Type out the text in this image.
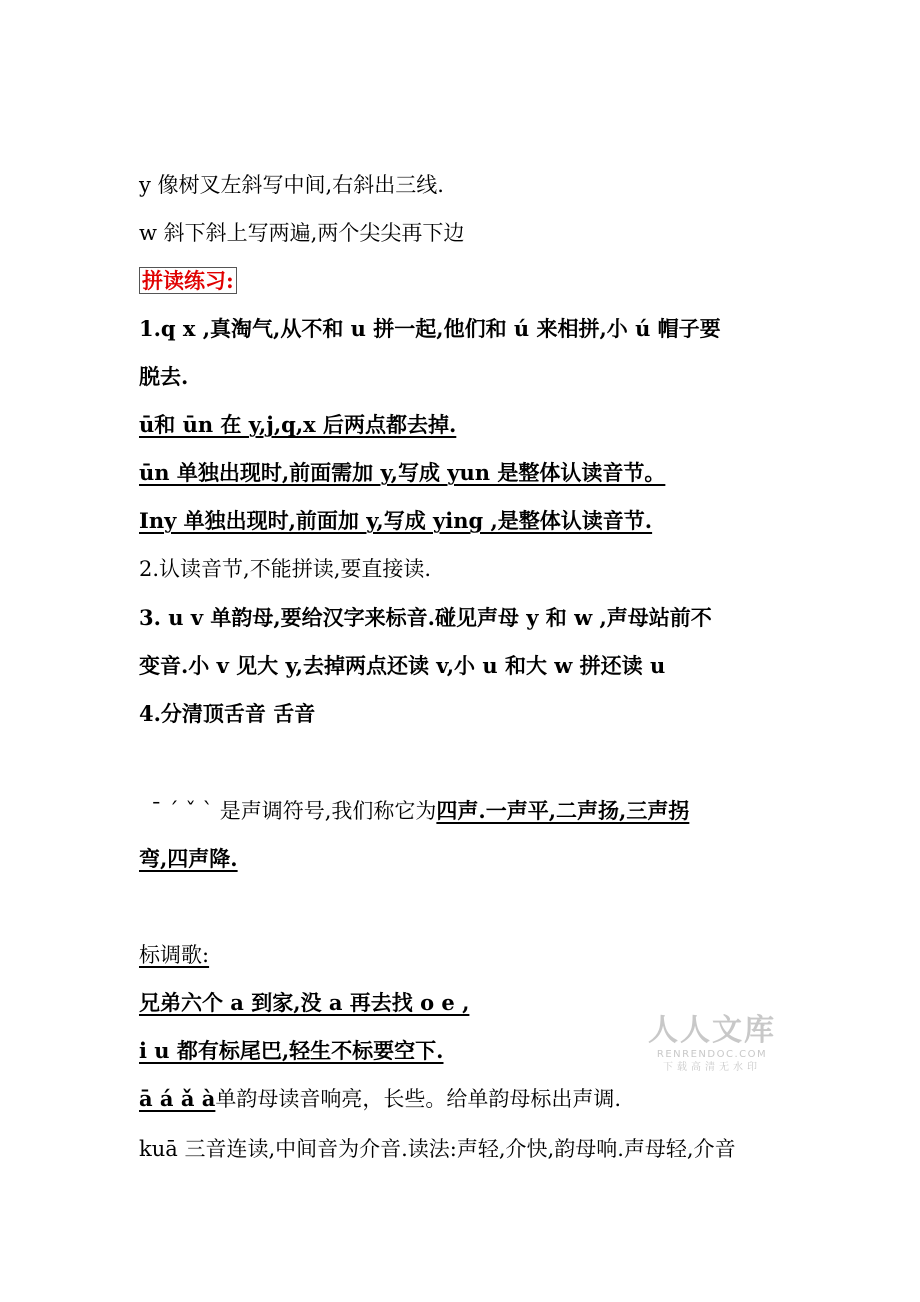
y 像树叉左斜写中间,右斜出三线.
w 斜下斜上写两遍,两个尖尖再下边
拼读练习:
1.q x ,真淘气,从不和 u 拼一起,他们和 ú 来相拼,小 ú 帽子要
脱去.
ū和 ūn 在 y,j,q,x 后两点都去掉.
ūn 单独出现时,前面需加 y,写成 yun 是整体认读音节。
Iny 单独出现时,前面加 y,写成 ying ,是整体认读音节.
2.认读音节,不能拼读,要直接读.
3. u v 单韵母,要给汉字来标音.碰见声母 y 和 w ,声母站前不
变音.小 v 见大 y,去掉两点还读 v,小 u 和大 w 拼还读 u
4.分清顶舌音 舌音
ˉ ˊ ˇ ˋ 是声调符号,我们称它为四声.一声平,二声扬,三声拐
弯,四声降.
标调歌:
兄弟六个 a 到家,没 a 再去找 o e ,
i u 都有标尾巴,轻生不标要空下.
ā á ǎ à单韵母读音响亮，长些。给单韵母标出声调.
kuā 三音连读,中间音为介音.读法:声轻,介快,韵母响.声母轻,介音
人人文库
RENRENDOC.COM
下载高清无水印
